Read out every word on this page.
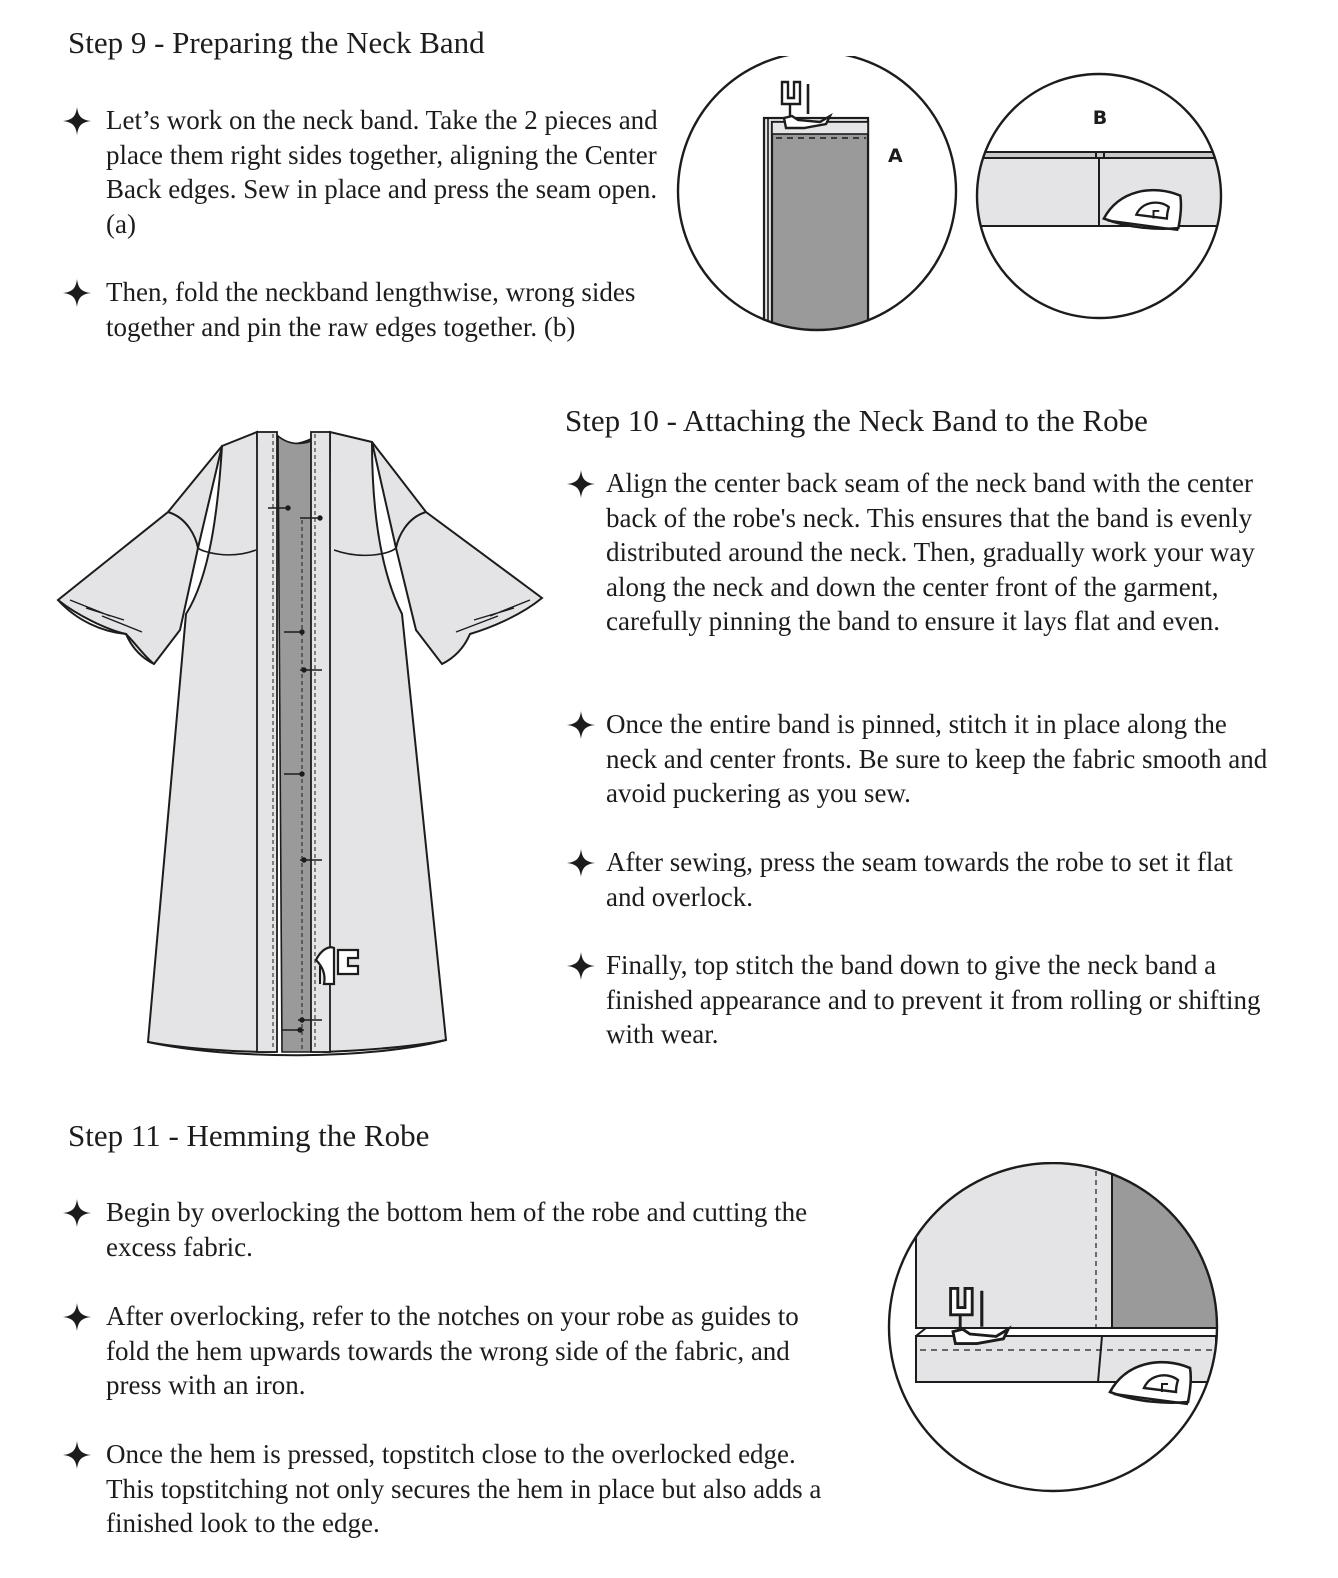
Step 9 - Preparing the Neck Band
Let’s work on the neck band. Take the 2 pieces and place them right sides together, aligning the Center Back edges. Sew in place and press the seam open. (a)
Then, fold the neckband lengthwise, wrong sides together and pin the raw edges together. (b)
A
B
Step 10 - Attaching the Neck Band to the Robe
Align the center back seam of the neck band with the center back of the robe's neck. This ensures that the band is evenly distributed around the neck. Then, gradually work your way along the neck and down the center front of the garment, carefully pinning the band to ensure it lays flat and even.
Once the entire band is pinned, stitch it in place along the neck and center fronts. Be sure to keep the fabric smooth and avoid puckering as you sew.
After sewing, press the seam towards the robe to set it flat and overlock.
Finally, top stitch the band down to give the neck band a finished appearance and to prevent it from rolling or shifting with wear.
Step 11 - Hemming the Robe
Begin by overlocking the bottom hem of the robe and cutting the excess fabric.
After overlocking, refer to the notches on your robe as guides to fold the hem upwards towards the wrong side of the fabric, and press with an iron.
Once the hem is pressed, topstitch close to the overlocked edge. This topstitching not only secures the hem in place but also adds a finished look to the edge.
